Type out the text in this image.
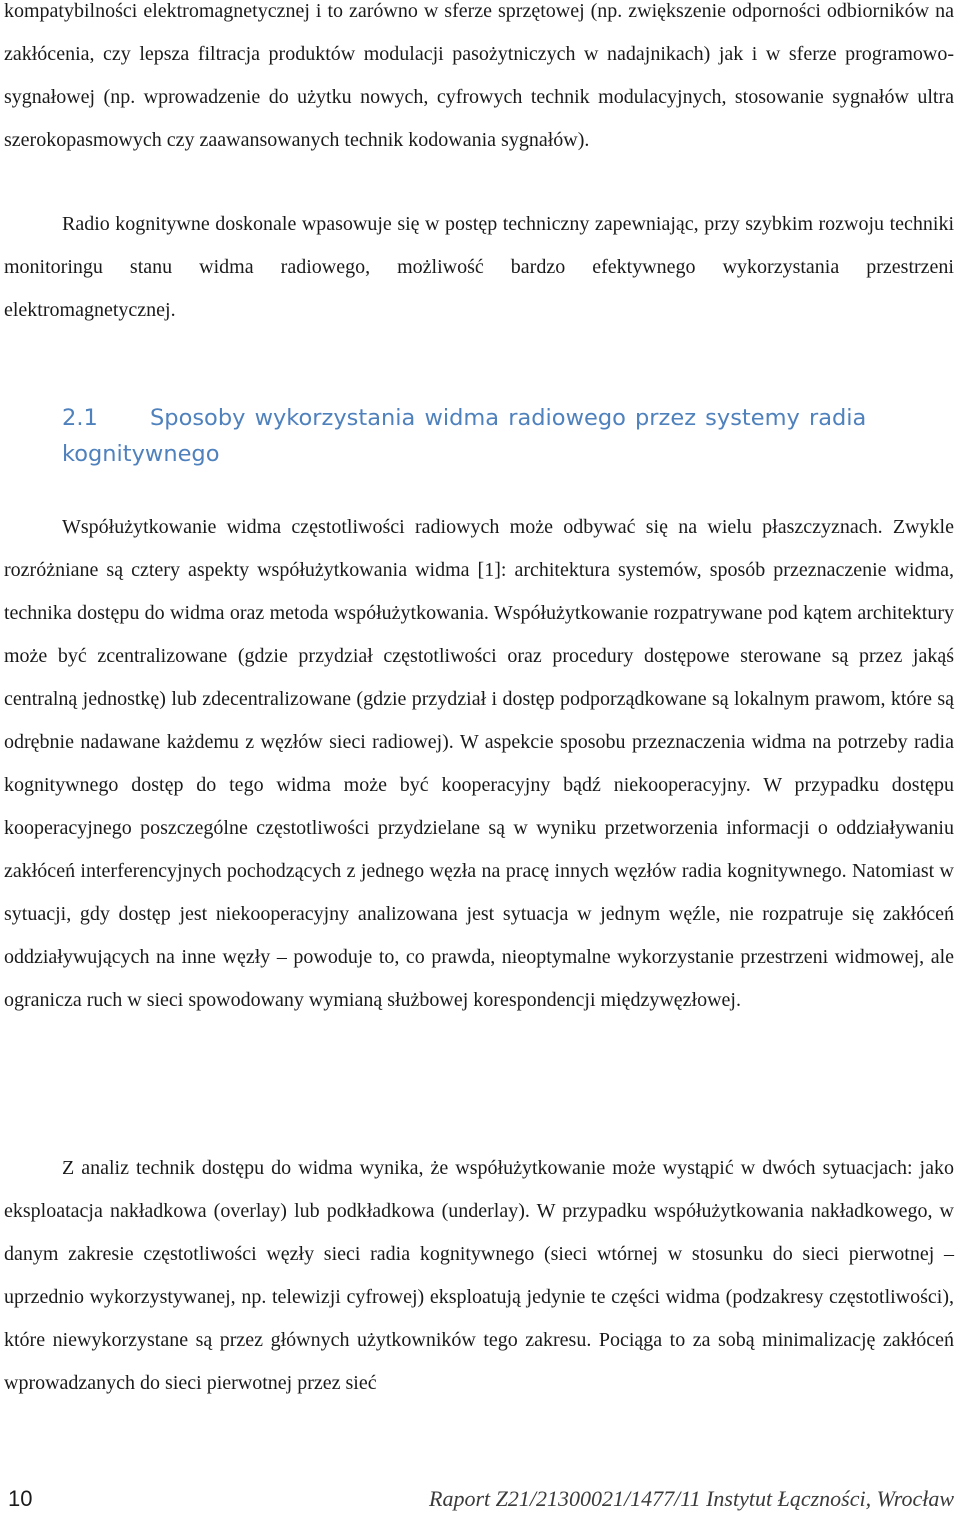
kompatybilności elektromagnetycznej i to zarówno w sferze sprzętowej (np. zwiększenie odporności odbiorników na zakłócenia, czy lepsza filtracja produktów modulacji pasożytniczych w nadajnikach) jak i w sferze programowo- sygnałowej (np. wprowadzenie do użytku nowych, cyfrowych technik modulacyjnych, stosowanie sygnałów ultra szerokopasmowych czy zaawansowanych technik kodowania sygnałów).

Radio kognitywne doskonale wpasowuje się w postęp techniczny zapewniając, przy szybkim rozwoju techniki monitoringu stanu widma radiowego, możliwość bardzo efektywnego wykorzystania przestrzeni elektromagnetycznej.

2.1 Sposoby wykorzystania widma radiowego przez systemy radia kognitywnego

Współużytkowanie widma częstotliwości radiowych może odbywać się na wielu płaszczyznach. Zwykle rozróżniane są cztery aspekty współużytkowania widma [1]: architektura systemów, sposób przeznaczenie widma, technika dostępu do widma oraz metoda współużytkowania. Współużytkowanie rozpatrywane pod kątem architektury może być zcentralizowane (gdzie przydział częstotliwości oraz procedury dostępowe sterowane są przez jakąś centralną jednostkę) lub zdecentralizowane (gdzie przydział i dostęp podporządkowane są lokalnym prawom, które są odrębnie nadawane każdemu z węzłów sieci radiowej). W aspekcie sposobu przeznaczenia widma na potrzeby radia kognitywnego dostęp do tego widma może być kooperacyjny bądź niekooperacyjny. W przypadku dostępu kooperacyjnego poszczególne częstotliwości przydzielane są w wyniku przetworzenia informacji o oddziaływaniu zakłóceń interferencyjnych pochodzących z jednego węzła na pracę innych węzłów radia kognitywnego. Natomiast w sytuacji, gdy dostęp jest niekooperacyjny analizowana jest sytuacja w jednym węźle, nie rozpatruje się zakłóceń oddziaływujących na inne węzły – powoduje to, co prawda, nieoptymalne wykorzystanie przestrzeni widmowej, ale ogranicza ruch w sieci spowodowany wymianą służbowej korespondencji międzywęzłowej.

Z analiz technik dostępu do widma wynika, że współużytkowanie może wystąpić w dwóch sytuacjach: jako eksploatacja nakładkowa (overlay) lub podkładkowa (underlay). W przypadku współużytkowania nakładkowego, w danym zakresie częstotliwości węzły sieci radia kognitywnego (sieci wtórnej w stosunku do sieci pierwotnej – uprzednio wykorzystywanej, np. telewizji cyfrowej) eksploatują jedynie te części widma (podzakresy częstotliwości), które niewykorzystane są przez głównych użytkowników tego zakresu. Pociąga to za sobą minimalizację zakłóceń wprowadzanych do sieci pierwotnej przez sieć

10	Raport Z21/21300021/1477/11 Instytut Łączności, Wrocław
